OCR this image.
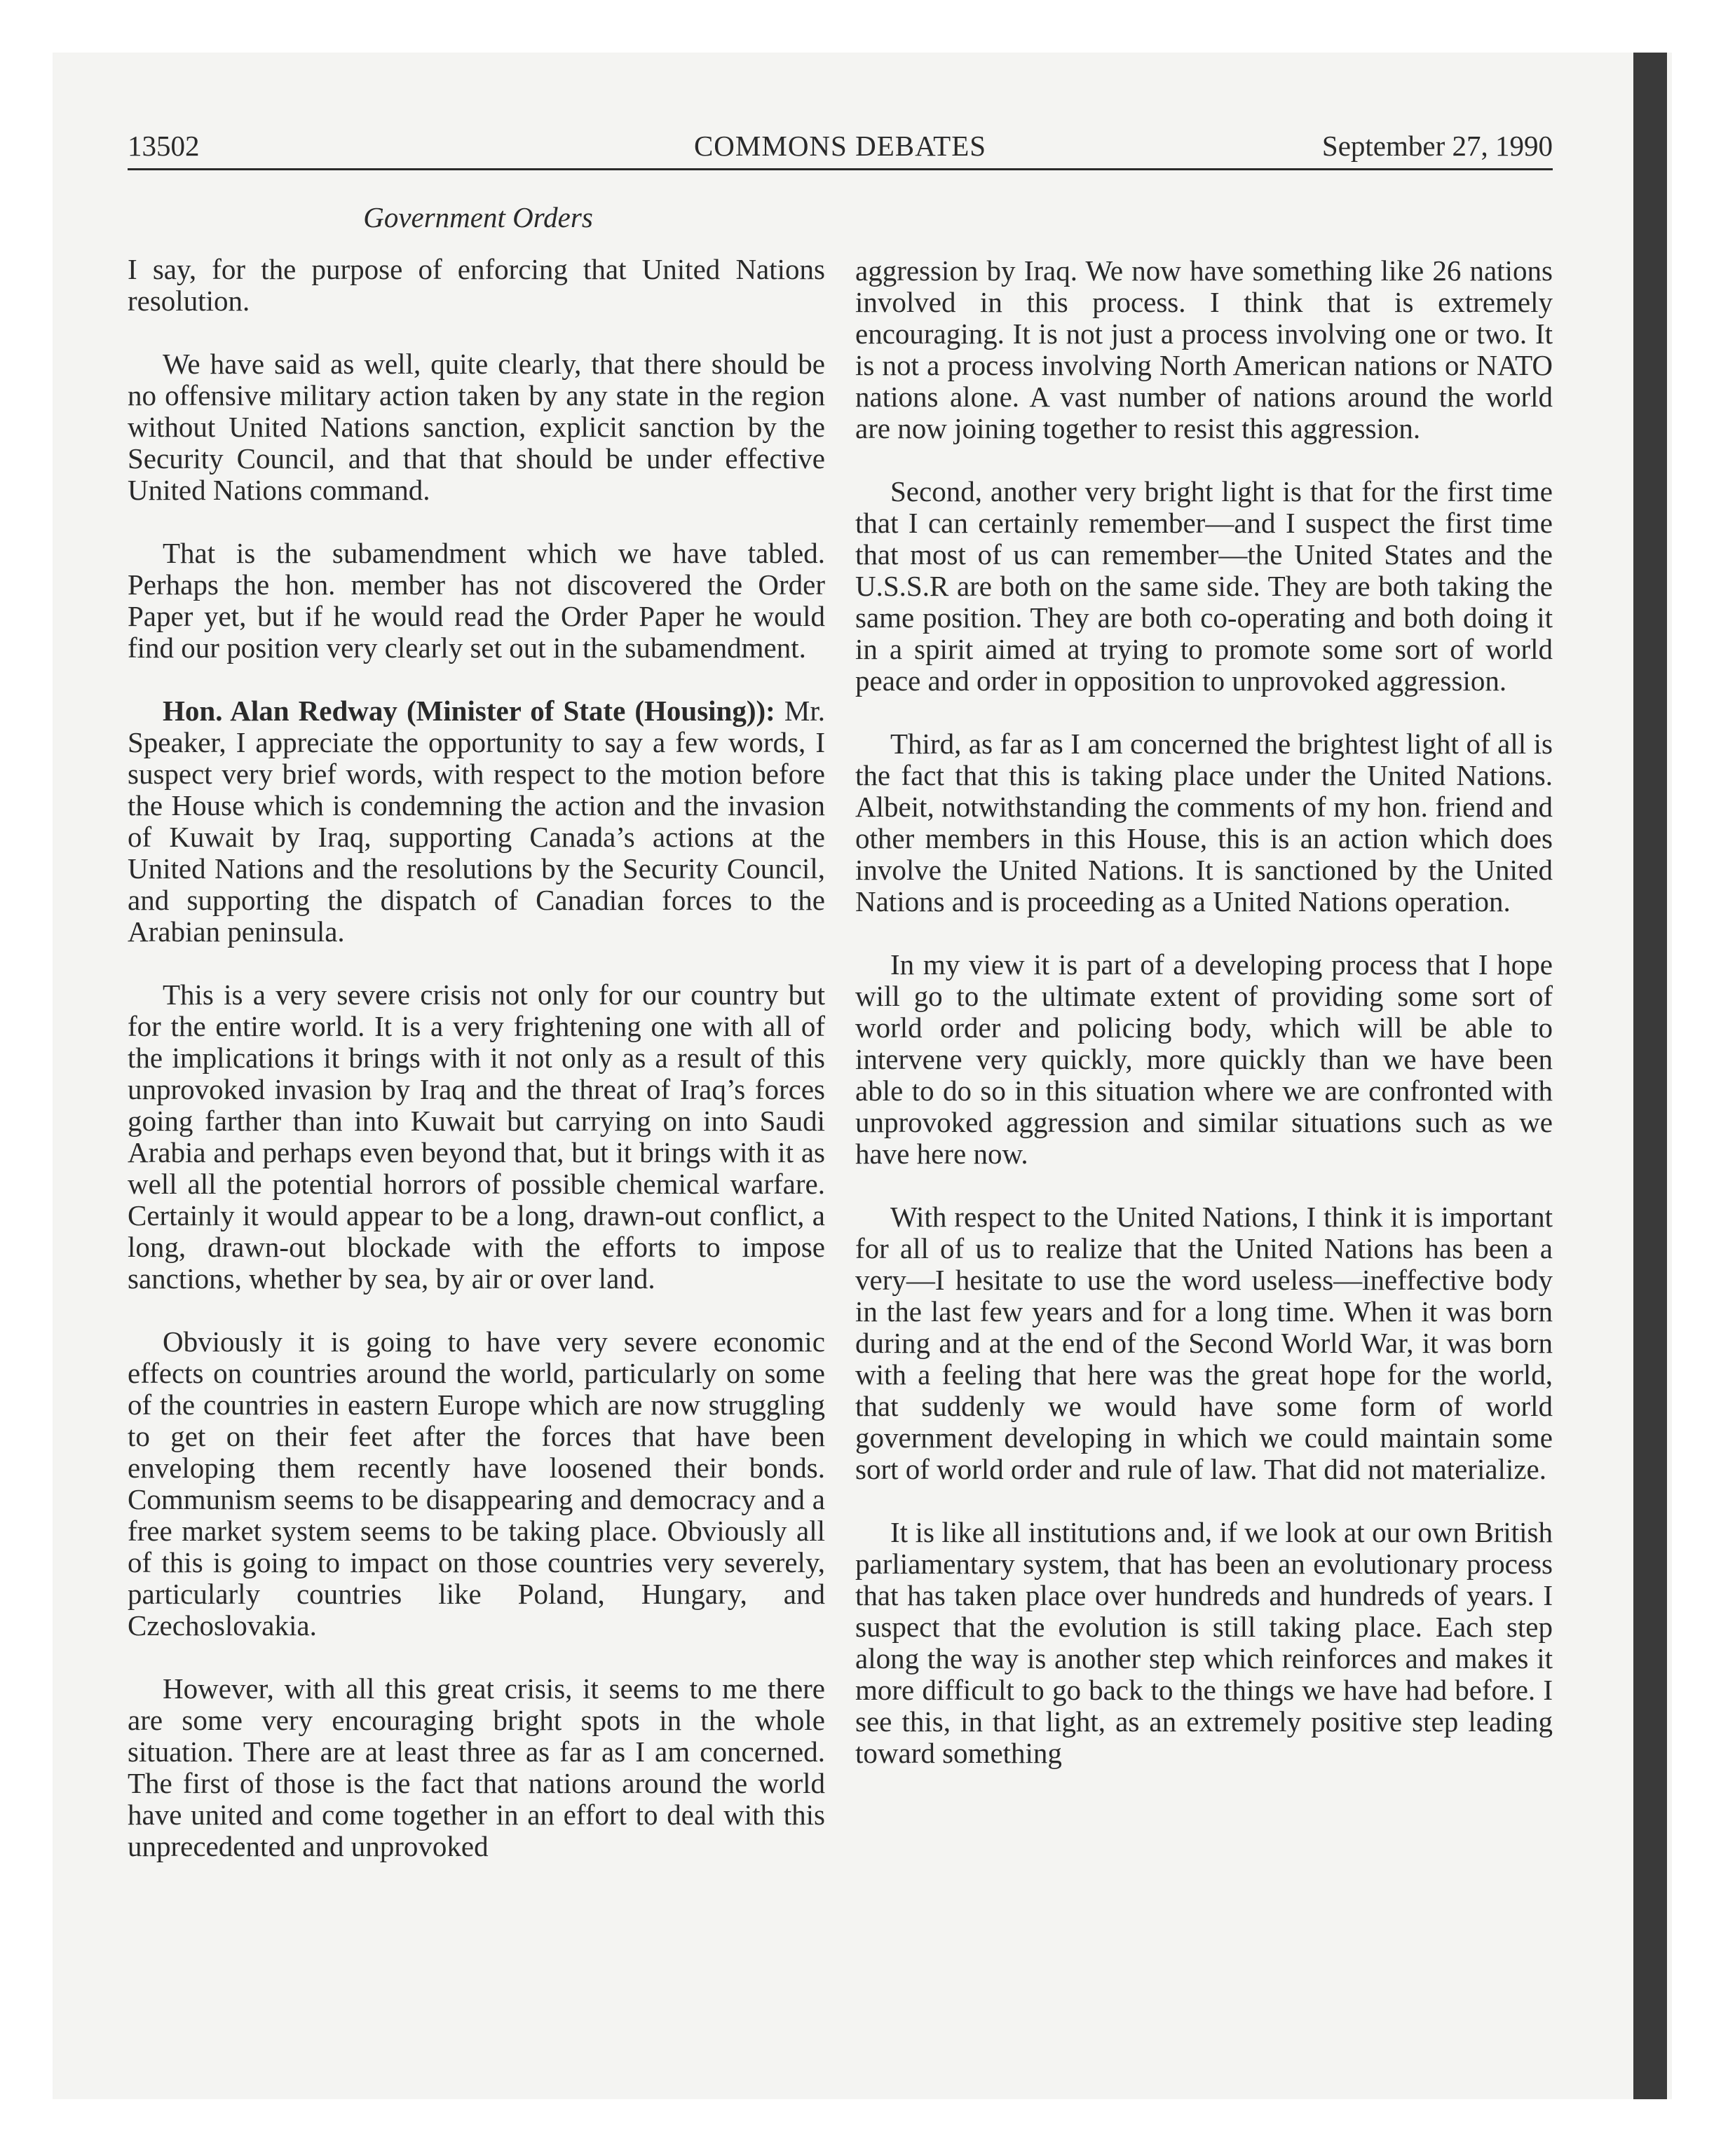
13502	COMMONS DEBATES	September 27, 1990
Government Orders

I say, for the purpose of enforcing that United Nations resolution.

We have said as well, quite clearly, that there should be no offensive military action taken by any state in the region without United Nations sanction, explicit sanction by the Security Council, and that that should be under effective United Nations command.

That is the subamendment which we have tabled. Perhaps the hon. member has not discovered the Order Paper yet, but if he would read the Order Paper he would find our position very clearly set out in the subamendment.

Hon. Alan Redway (Minister of State (Housing)): Mr. Speaker, I appreciate the opportunity to say a few words, I suspect very brief words, with respect to the motion before the House which is condemning the action and the invasion of Kuwait by Iraq, supporting Canada’s actions at the United Nations and the resolutions by the Security Council, and supporting the dispatch of Canadian forces to the Arabian peninsula.

This is a very severe crisis not only for our country but for the entire world. It is a very frightening one with all of the implications it brings with it not only as a result of this unprovoked invasion by Iraq and the threat of Iraq’s forces going farther than into Kuwait but carrying on into Saudi Arabia and perhaps even beyond that, but it brings with it as well all the potential horrors of possible chemical warfare. Certainly it would appear to be a long, drawn-out conflict, a long, drawn-out blockade with the efforts to impose sanctions, whether by sea, by air or over land.

Obviously it is going to have very severe economic effects on countries around the world, particularly on some of the countries in eastern Europe which are now struggling to get on their feet after the forces that have been enveloping them recently have loosened their bonds. Communism seems to be disappearing and democracy and a free market system seems to be taking place. Obviously all of this is going to impact on those countries very severely, particularly countries like Poland, Hungary, and Czechoslovakia.

However, with all this great crisis, it seems to me there are some very encouraging bright spots in the whole situation. There are at least three as far as I am concerned. The first of those is the fact that nations around the world have united and come together in an effort to deal with this unprecedented and unprovoked

aggression by Iraq. We now have something like 26 nations involved in this process. I think that is extremely encouraging. It is not just a process involving one or two. It is not a process involving North American nations or NATO nations alone. A vast number of nations around the world are now joining together to resist this aggression.

Second, another very bright light is that for the first time that I can certainly remember—and I suspect the first time that most of us can remember—the United States and the U.S.S.R are both on the same side. They are both taking the same position. They are both co-operating and both doing it in a spirit aimed at trying to promote some sort of world peace and order in opposition to unprovoked aggression.

Third, as far as I am concerned the brightest light of all is the fact that this is taking place under the United Nations. Albeit, notwithstanding the comments of my hon. friend and other members in this House, this is an action which does involve the United Nations. It is sanctioned by the United Nations and is proceeding as a United Nations operation.

In my view it is part of a developing process that I hope will go to the ultimate extent of providing some sort of world order and policing body, which will be able to intervene very quickly, more quickly than we have been able to do so in this situation where we are confronted with unprovoked aggression and similar situations such as we have here now.

With respect to the United Nations, I think it is important for all of us to realize that the United Nations has been a very—I hesitate to use the word useless—ineffective body in the last few years and for a long time. When it was born during and at the end of the Second World War, it was born with a feeling that here was the great hope for the world, that suddenly we would have some form of world government developing in which we could maintain some sort of world order and rule of law. That did not materialize.

It is like all institutions and, if we look at our own British parliamentary system, that has been an evolutionary process that has taken place over hundreds and hundreds of years. I suspect that the evolution is still taking place. Each step along the way is another step which reinforces and makes it more difficult to go back to the things we have had before. I see this, in that light, as an extremely positive step leading toward something
